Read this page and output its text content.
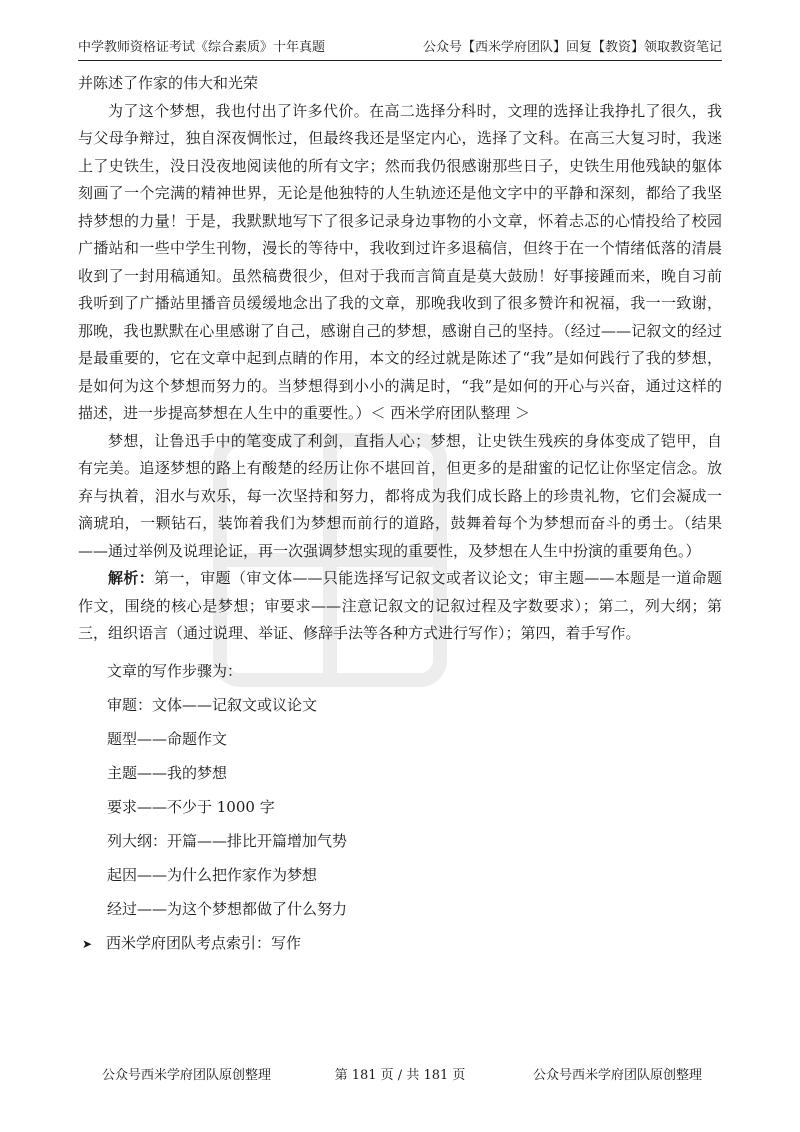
中学教师资格证考试《综合素质》十年真题	公众号【西米学府团队】回复【教资】领取教资笔记

并陈述了作家的伟大和光荣

为了这个梦想，我也付出了许多代价。在高二选择分科时，文理的选择让我挣扎了很久，我与父母争辩过，独自深夜惆怅过，但最终我还是坚定内心，选择了文科。在高三大复习时，我迷上了史铁生，没日没夜地阅读他的所有文字；然而我仍很感谢那些日子，史铁生用他残缺的躯体刻画了一个完满的精神世界，无论是他独特的人生轨迹还是他文字中的平静和深刻，都给了我坚持梦想的力量！于是，我默默地写下了很多记录身边事物的小文章，怀着忐忑的心情投给了校园广播站和一些中学生刊物，漫长的等待中，我收到过许多退稿信，但终于在一个情绪低落的清晨收到了一封用稿通知。虽然稿费很少，但对于我而言简直是莫大鼓励！好事接踵而来，晚自习前我听到了广播站里播音员缓缓地念出了我的文章，那晚我收到了很多赞许和祝福，我一一致谢，那晚，我也默默在心里感谢了自己，感谢自己的梦想，感谢自己的坚持。（经过——记叙文的经过是最重要的，它在文章中起到点睛的作用，本文的经过就是陈述了“我”是如何践行了我的梦想，是如何为这个梦想而努力的。当梦想得到小小的满足时，“我”是如何的开心与兴奋，通过这样的描述，进一步提高梦想在人生中的重要性。）＜ 西米学府团队整理 ＞

梦想，让鲁迅手中的笔变成了利剑，直指人心；梦想，让史铁生残疾的身体变成了铠甲，自有完美。追逐梦想的路上有酸楚的经历让你不堪回首，但更多的是甜蜜的记忆让你坚定信念。放弃与执着，泪水与欢乐，每一次坚持和努力，都将成为我们成长路上的珍贵礼物，它们会凝成一滴琥珀，一颗钻石，装饰着我们为梦想而前行的道路，鼓舞着每个为梦想而奋斗的勇士。（结果——通过举例及说理论证，再一次强调梦想实现的重要性，及梦想在人生中扮演的重要角色。）

解析：第一，审题（审文体——只能选择写记叙文或者议论文；审主题——本题是一道命题作文，围绕的核心是梦想；审要求——注意记叙文的记叙过程及字数要求）；第二，列大纲；第三，组织语言（通过说理、举证、修辞手法等各种方式进行写作）；第四，着手写作。

文章的写作步骤为：
审题：文体——记叙文或议论文
题型——命题作文
主题——我的梦想
要求——不少于 1000 字
列大纲：开篇——排比开篇增加气势
起因——为什么把作家作为梦想
经过——为这个梦想都做了什么努力
➤ 西米学府团队考点索引：写作
公众号西米学府团队原创整理	第 181 页 / 共 181 页	公众号西米学府团队原创整理
